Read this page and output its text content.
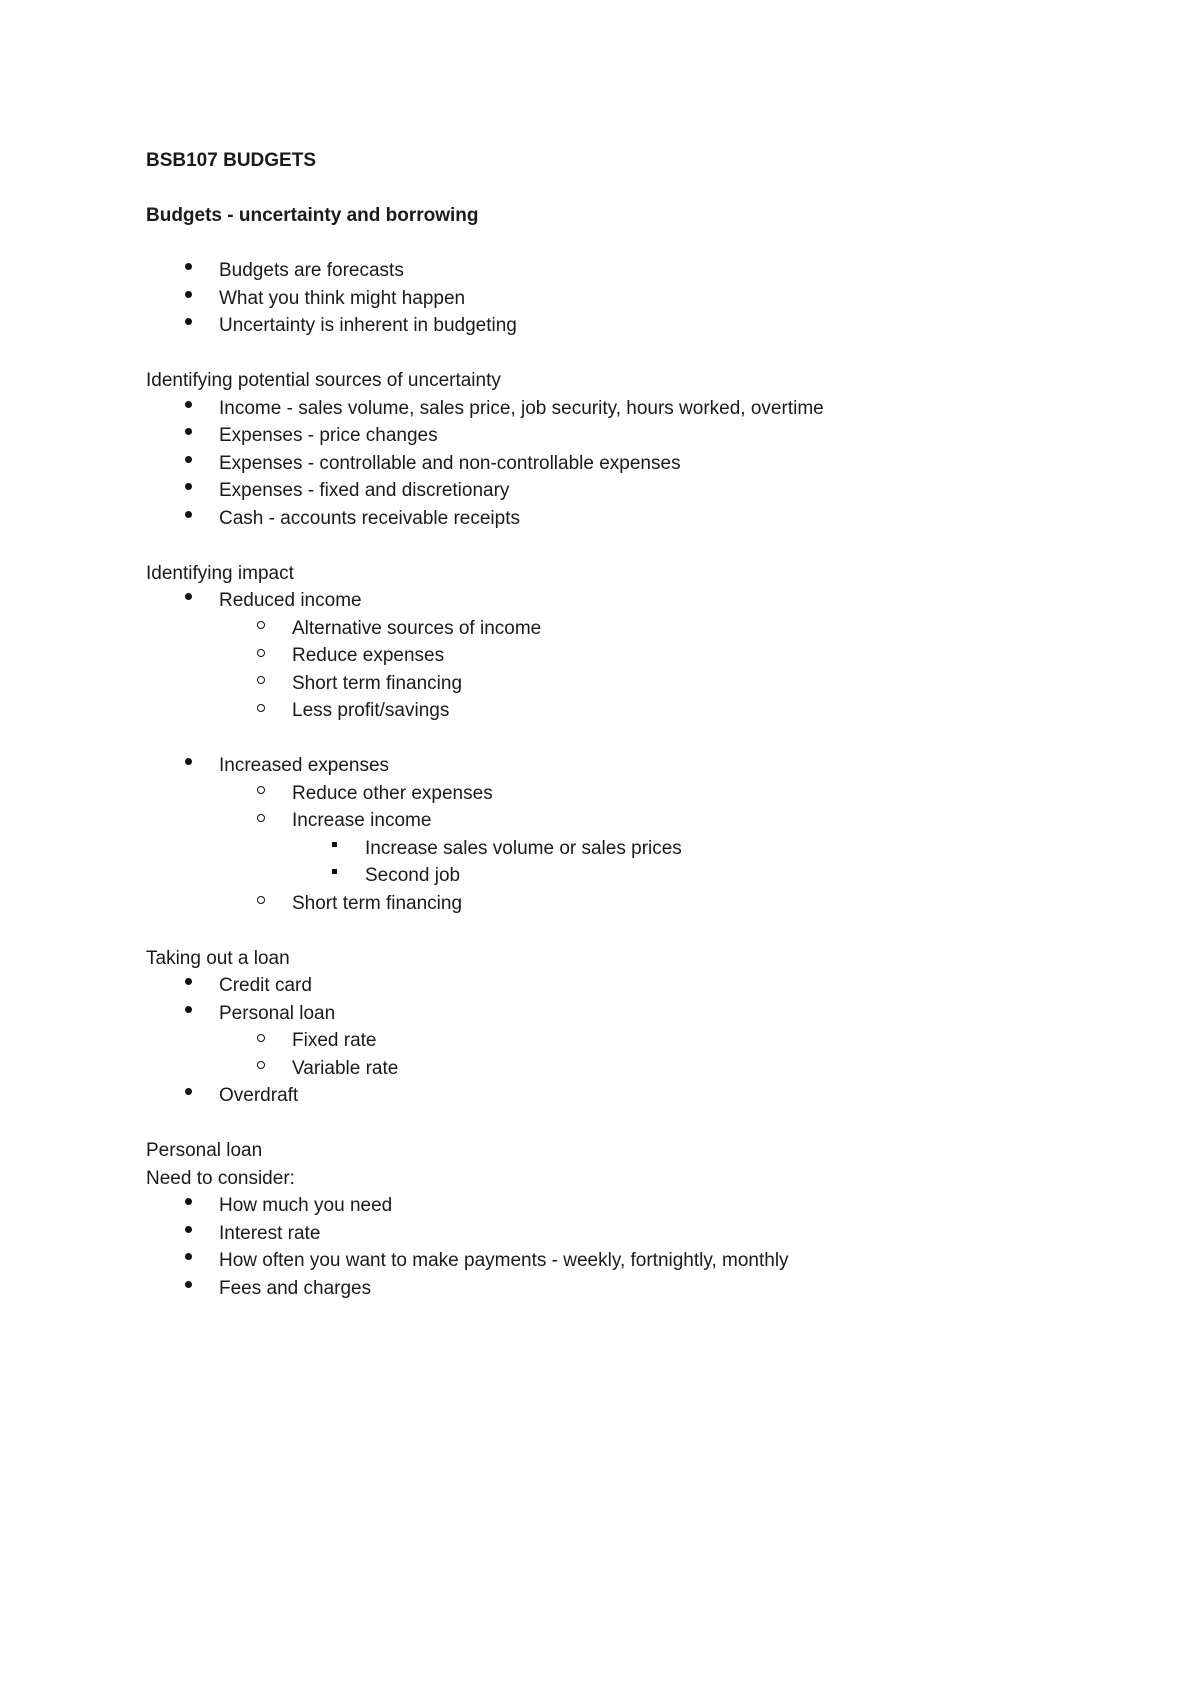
BSB107 BUDGETS

Budgets - uncertainty and borrowing

Budgets are forecasts
What you think might happen
Uncertainty is inherent in budgeting

Identifying potential sources of uncertainty

Income - sales volume, sales price, job security, hours worked, overtime
Expenses - price changes
Expenses - controllable and non-controllable expenses
Expenses - fixed and discretionary
Cash - accounts receivable receipts

Identifying impact

Reduced income
Alternative sources of income
Reduce expenses
Short term financing
Less profit/savings
Increased expenses
Reduce other expenses
Increase income
Increase sales volume or sales prices
Second job
Short term financing

Taking out a loan

Credit card
Personal loan
Fixed rate
Variable rate
Overdraft

Personal loan

Need to consider:

How much you need
Interest rate
How often you want to make payments - weekly, fortnightly, monthly
Fees and charges
